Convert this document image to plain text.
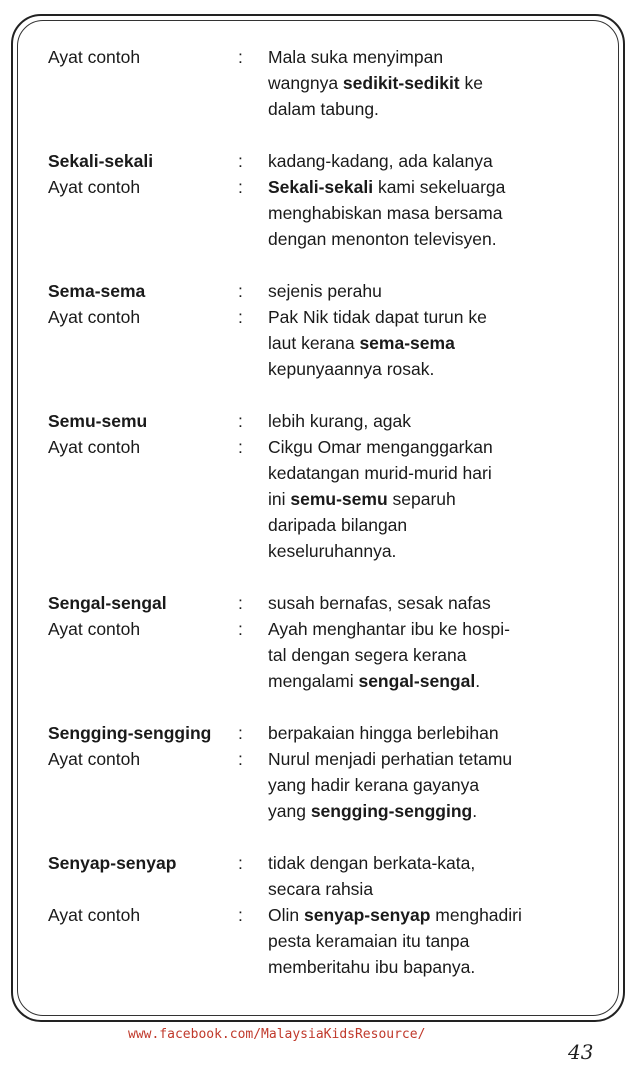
Ayat contoh	:	Mala suka menyimpan
wangnya sedikit-sedikit ke
dalam tabung.
Sekali-sekali	:	kadang-kadang, ada kalanya
Ayat contoh	:	Sekali-sekali kami sekeluarga
menghabiskan masa bersama
dengan menonton televisyen.
Sema-sema	:	sejenis perahu
Ayat contoh	:	Pak Nik tidak dapat turun ke
laut kerana sema-sema
kepunyaannya rosak.
Semu-semu	:	lebih kurang, agak
Ayat contoh	:	Cikgu Omar menganggarkan
kedatangan murid-murid hari
ini semu-semu separuh
daripada bilangan
keseluruhannya.
Sengal-sengal	:	susah bernafas, sesak nafas
Ayat contoh	:	Ayah menghantar ibu ke hospi-
tal dengan segera kerana
mengalami sengal-sengal.
Sengging-sengging	:	berpakaian hingga berlebihan
Ayat contoh	:	Nurul menjadi perhatian tetamu
yang hadir kerana gayanya
yang sengging-sengging.
Senyap-senyap	:	tidak dengan berkata-kata,
secara rahsia
Ayat contoh	:	Olin senyap-senyap menghadiri
pesta keramaian itu tanpa
memberitahu ibu bapanya.
www.facebook.com/MalaysiaKidsResource/
43
